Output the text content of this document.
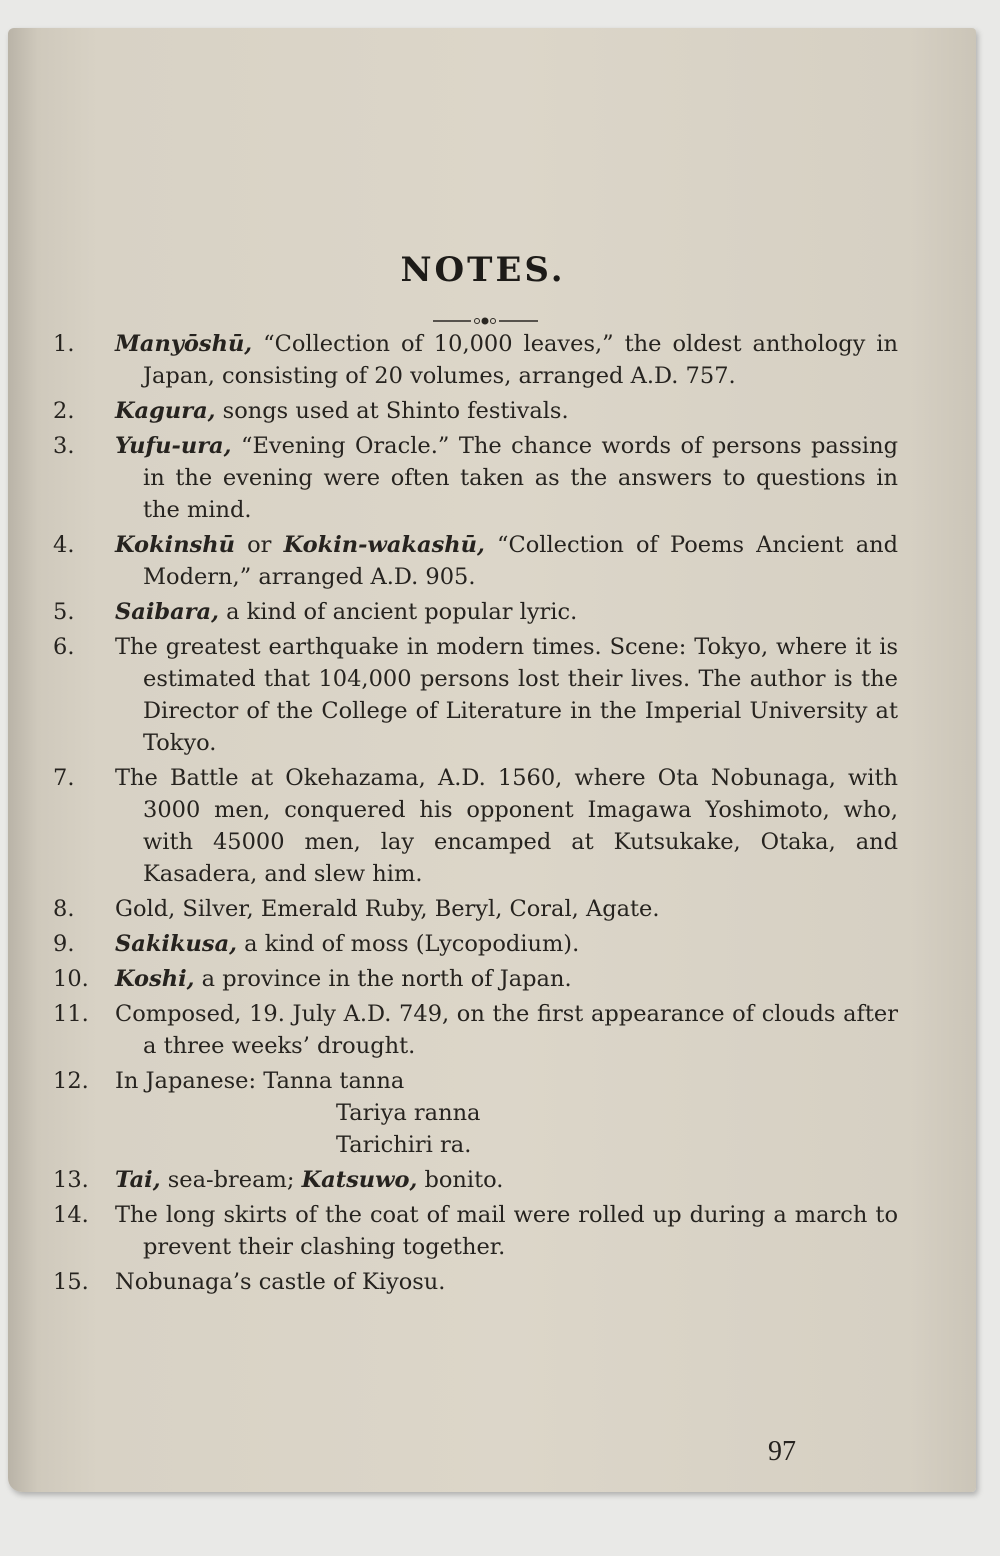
NOTES.
1.	Manyōshū, “Collection of 10,000 leaves,” the oldest anthology in Japan, consisting of 20 volumes, arranged A.D. 757.
2.	Kagura, songs used at Shinto festivals.
3.	Yufu-ura, “Evening Oracle.” The chance words of persons passing in the evening were often taken as the answers to questions in the mind.
4.	Kokinshū or Kokin-wakashū, “Collection of Poems Ancient and Modern,” arranged A.D. 905.
5.	Saibara, a kind of ancient popular lyric.
6.	The greatest earthquake in modern times. Scene: Tokyo, where it is estimated that 104,000 persons lost their lives. The author is the Director of the College of Literature in the Imperial University at Tokyo.
7.	The Battle at Okehazama, A.D. 1560, where Ota Nobunaga, with 3000 men, conquered his opponent Imagawa Yoshimoto, who, with 45000 men, lay encamped at Kutsukake, Otaka, and Kasadera, and slew him.
8.	Gold, Silver, Emerald Ruby, Beryl, Coral, Agate.
9.	Sakikusa, a kind of moss (Lycopodium).
10.	Koshi, a province in the north of Japan.
11.	Composed, 19. July A.D. 749, on the first appearance of clouds after a three weeks’ drought.
12.	In Japanese: Tanna tanna
Tariya ranna
Tarichiri ra.
13.	Tai, sea-bream; Katsuwo, bonito.
14.	The long skirts of the coat of mail were rolled up during a march to prevent their clashing together.
15.	Nobunaga’s castle of Kiyosu.
97
